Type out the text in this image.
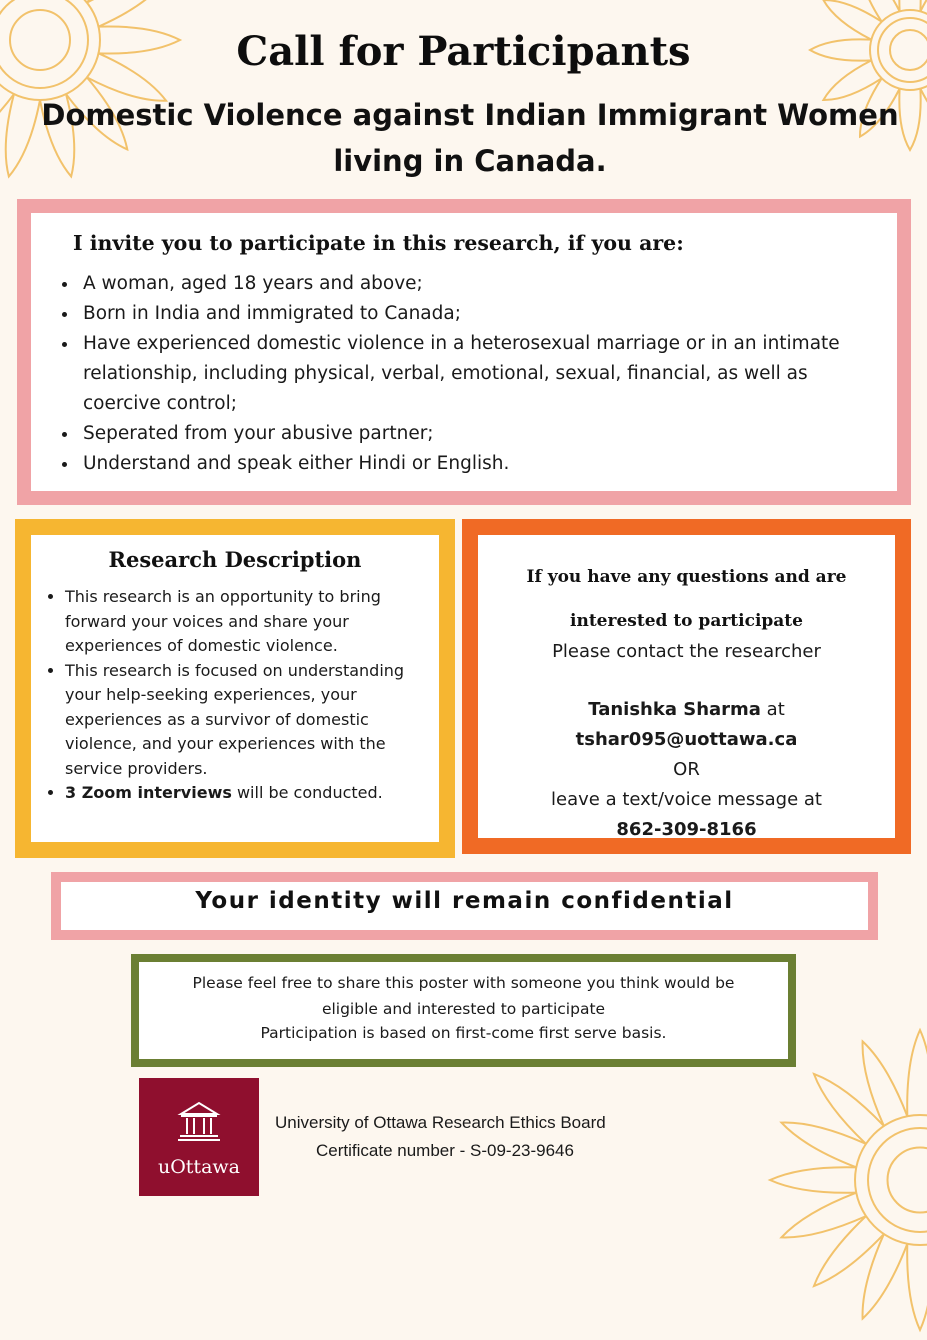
Call for Participants
Domestic Violence against Indian Immigrant Women
living in Canada.
I invite you to participate in this research, if you are:
• A woman, aged 18 years and above;
• Born in India and immigrated to Canada;
• Have experienced domestic violence in a heterosexual marriage or in an intimate relationship, including physical, verbal, emotional, sexual, financial, as well as coercive control;
• Seperated from your abusive partner;
• Understand and speak either Hindi or English.
Research Description
• This research is an opportunity to bring forward your voices and share your experiences of domestic violence.
• This research is focused on understanding your help-seeking experiences, your experiences as a survivor of domestic violence, and your experiences with the service providers.
• 3 Zoom interviews will be conducted.
If you have any questions and are
interested to participate
Please contact the researcher
Tanishka Sharma at
tshar095@uottawa.ca
OR
leave a text/voice message at
862-309-8166
Your identity will remain confidential
Please feel free to share this poster with someone you think would be
eligible and interested to participate
Participation is based on first-come first serve basis.
uOttawa
University of Ottawa Research Ethics Board
Certificate number - S-09-23-9646
